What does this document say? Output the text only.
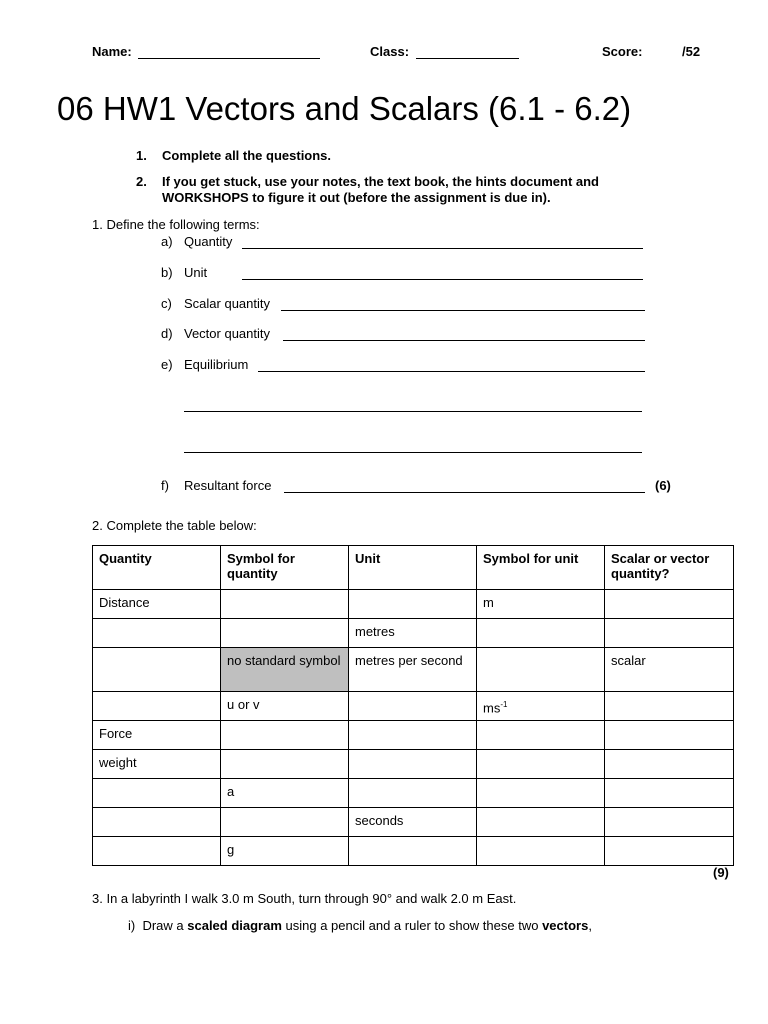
Name:	Class:	Score:	/52
06 HW1 Vectors and Scalars (6.1 - 6.2)
1.	Complete all the questions.
2.	If you get stuck, use your notes, the text book, the hints document and WORKSHOPS to figure it out (before the assignment is due in).
1. Define the following terms:
a) Quantity
b) Unit
c) Scalar quantity
d) Vector quantity
e) Equilibrium
f) Resultant force	(6)
2. Complete the table below:
Quantity	Symbol for quantity	Unit	Symbol for unit	Scalar or vector quantity?
Distance			m	
		metres		
	no standard symbol	metres per second		scalar
	u or v		$ms^{-1}$	
Force				
weight				
	a			
		seconds		
	g			
(9)
3. In a labyrinth I walk 3.0 m South, turn through 90° and walk 2.0 m East.
i) Draw a scaled diagram using a pencil and a ruler to show these two vectors,
